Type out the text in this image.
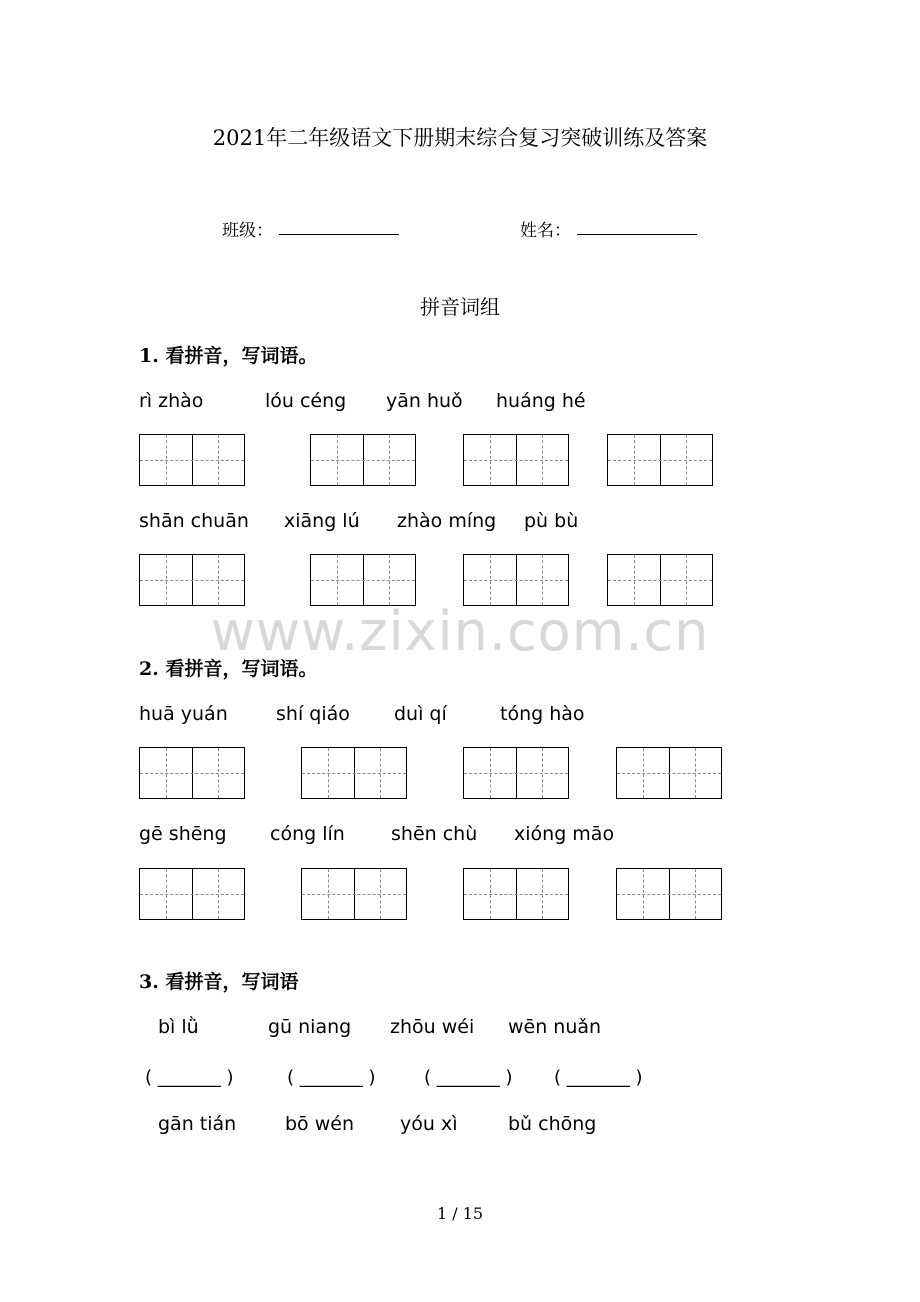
2021年二年级语文下册期末综合复习突破训练及答案
班级：	姓名：
拼音词组
1. 看拼音，写词语。
rì zhào	lóu céng yān huǒ huáng hé
shān chuān xiāng lú zhào míng pù bù
www.zixin.com.cn
2. 看拼音，写词语。
huā yuán	shí qiáo duì qí	tóng hào
gē shēng cóng lín shēn chù xióng māo
3. 看拼音，写词语
bì lǜ	gū niang zhōu wéi wēn nuǎn
( _______ )	( _______ )	( _______ ) ( _______ )
gān tián	bō wén yóu xì	bǔ chōng
1 / 15
